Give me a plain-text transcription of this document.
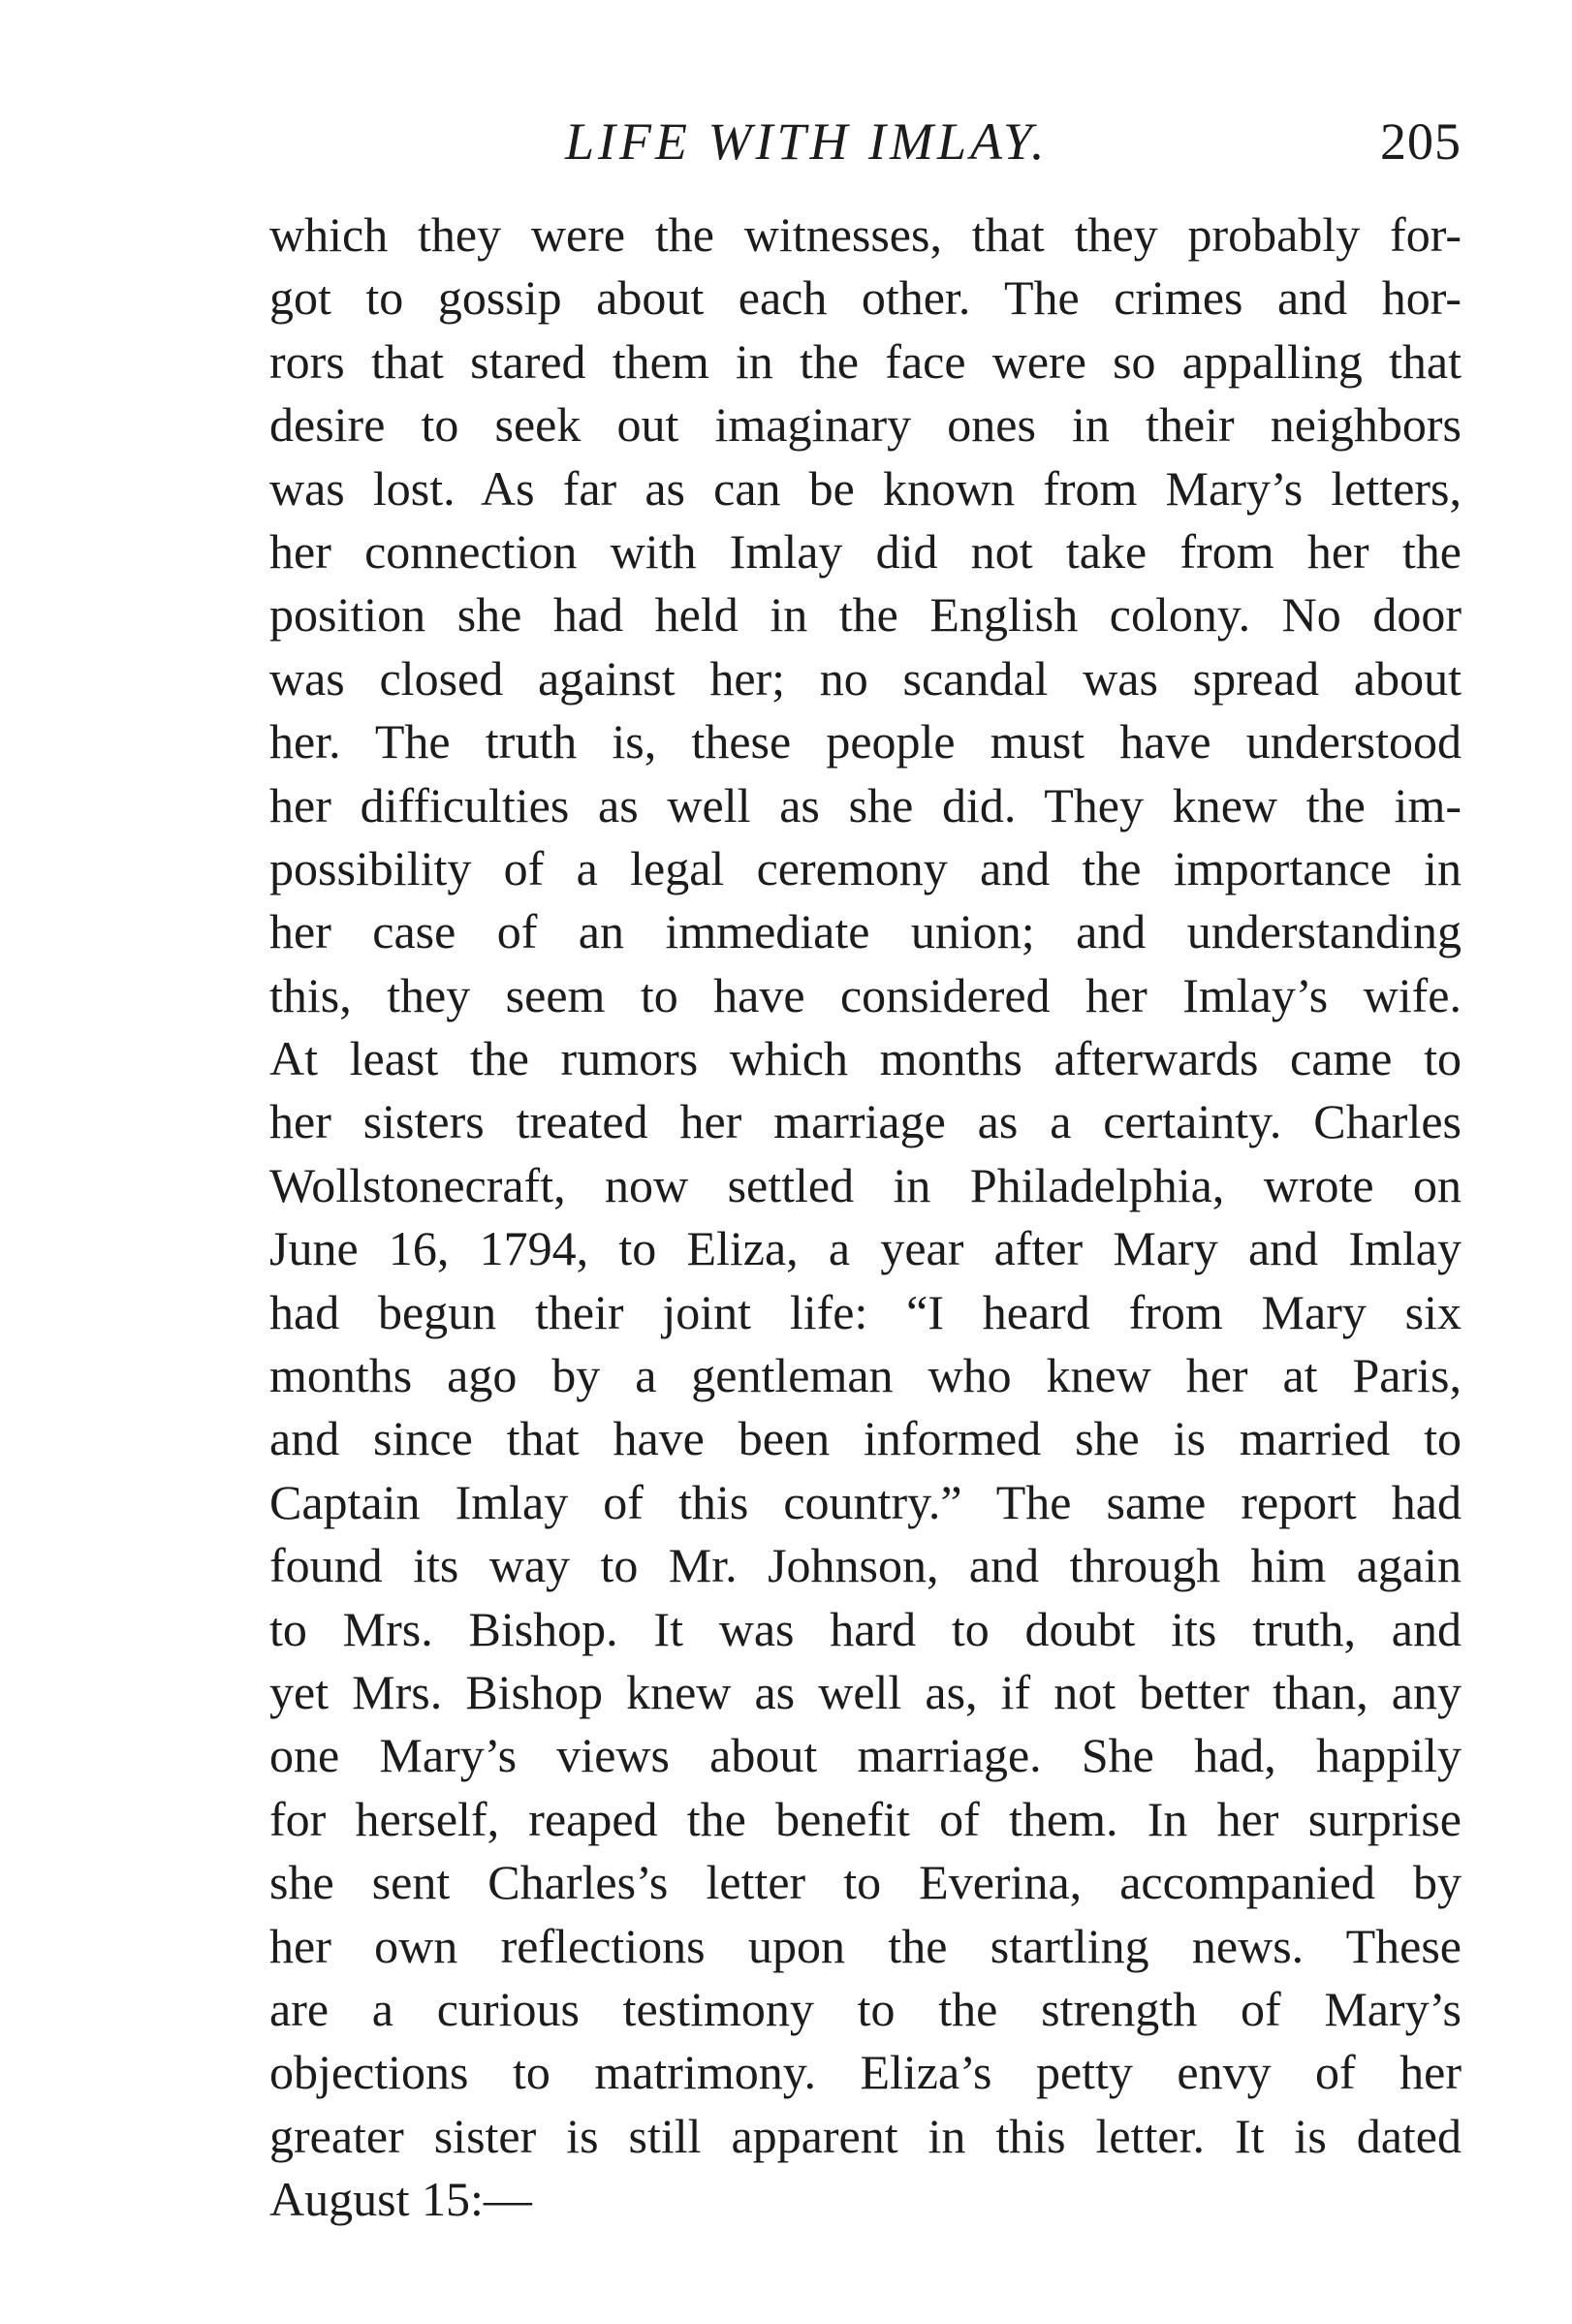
LIFE WITH IMLAY.	205
which they were the witnesses, that they probably for-
got to gossip about each other. The crimes and hor-
rors that stared them in the face were so appalling that
desire to seek out imaginary ones in their neighbors
was lost. As far as can be known from Mary’s letters,
her connection with Imlay did not take from her the
position she had held in the English colony. No door
was closed against her; no scandal was spread about
her. The truth is, these people must have understood
her difficulties as well as she did. They knew the im-
possibility of a legal ceremony and the importance in
her case of an immediate union; and understanding
this, they seem to have considered her Imlay’s wife.
At least the rumors which months afterwards came to
her sisters treated her marriage as a certainty. Charles
Wollstonecraft, now settled in Philadelphia, wrote on
June 16, 1794, to Eliza, a year after Mary and Imlay
had begun their joint life: “I heard from Mary six
months ago by a gentleman who knew her at Paris,
and since that have been informed she is married to
Captain Imlay of this country.” The same report had
found its way to Mr. Johnson, and through him again
to Mrs. Bishop. It was hard to doubt its truth, and
yet Mrs. Bishop knew as well as, if not better than, any
one Mary’s views about marriage. She had, happily
for herself, reaped the benefit of them. In her surprise
she sent Charles’s letter to Everina, accompanied by
her own reflections upon the startling news. These
are a curious testimony to the strength of Mary’s
objections to matrimony. Eliza’s petty envy of her
greater sister is still apparent in this letter. It is dated
August 15:—
